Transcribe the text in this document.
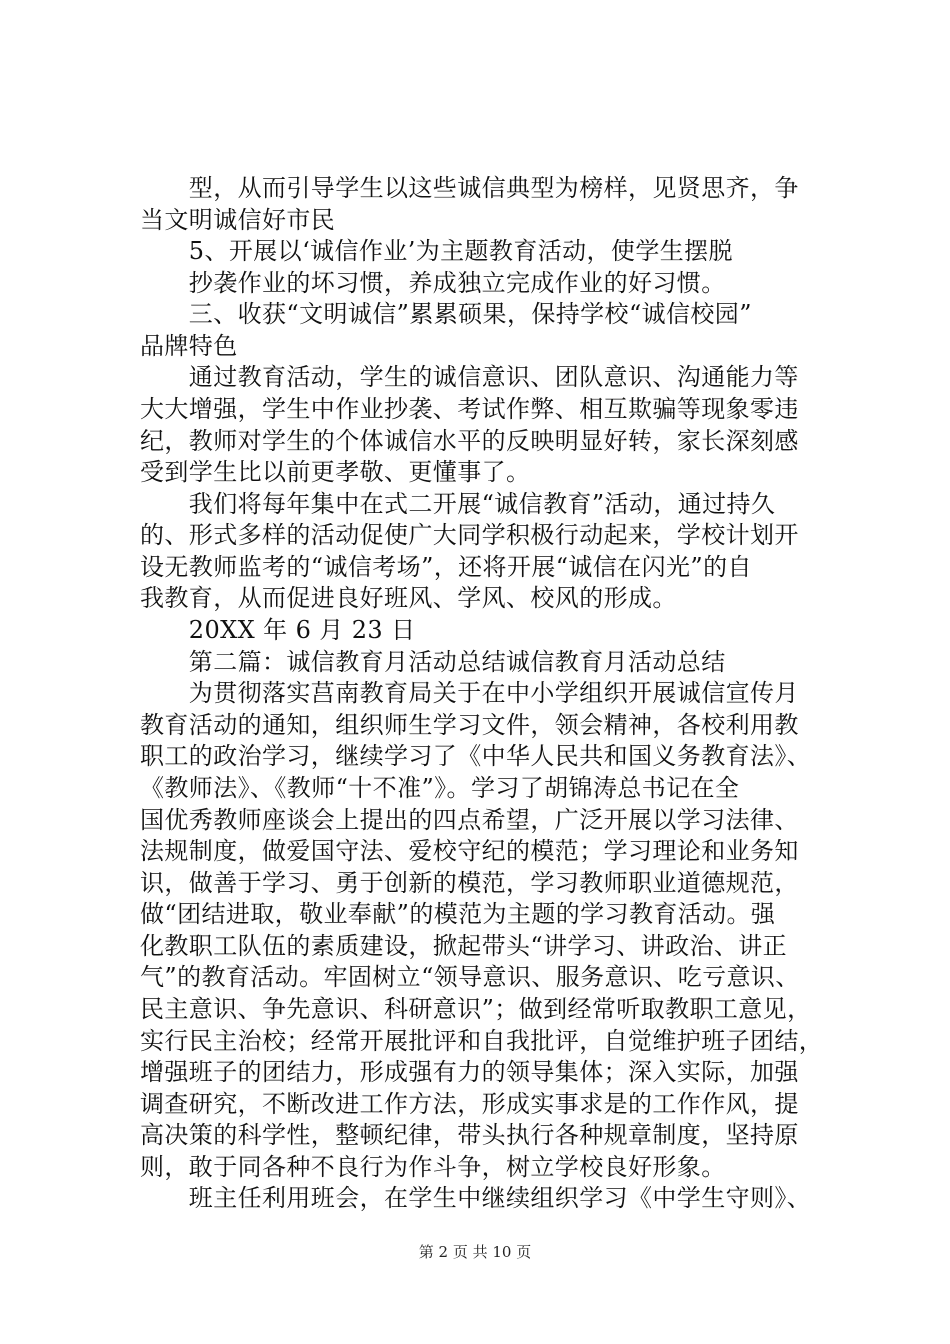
　　型，从而引导学生以这些诚信典型为榜样，见贤思齐，争
当文明诚信好市民
　　5、开展以‘诚信作业’为主题教育活动，使学生摆脱
　　抄袭作业的坏习惯，养成独立完成作业的好习惯。
　　三、收获“文明诚信”累累硕果，保持学校“诚信校园”
品牌特色
　　通过教育活动，学生的诚信意识、团队意识、沟通能力等
大大增强，学生中作业抄袭、考试作弊、相互欺骗等现象零违
纪，教师对学生的个体诚信水平的反映明显好转，家长深刻感
受到学生比以前更孝敬、更懂事了。
　　我们将每年集中在式二开展“诚信教育”活动，通过持久
的、形式多样的活动促使广大同学积极行动起来，学校计划开
设无教师监考的“诚信考场”，还将开展“诚信在闪光”的自
我教育，从而促进良好班风、学风、校风的形成。
　　20XX 年 6 月 23 日
　　第二篇：诚信教育月活动总结诚信教育月活动总结
　　为贯彻落实莒南教育局关于在中小学组织开展诚信宣传月
教育活动的通知，组织师生学习文件，领会精神，各校利用教
职工的政治学习，继续学习了《中华人民共和国义务教育法》、
《教师法》、《教师“十不准”》。学习了胡锦涛总书记在全
国优秀教师座谈会上提出的四点希望，广泛开展以学习法律、
法规制度，做爱国守法、爱校守纪的模范；学习理论和业务知
识，做善于学习、勇于创新的模范，学习教师职业道德规范，
做“团结进取，敬业奉献”的模范为主题的学习教育活动。强
化教职工队伍的素质建设，掀起带头“讲学习、讲政治、讲正
气”的教育活动。牢固树立“领导意识、服务意识、吃亏意识、
民主意识、争先意识、科研意识”；做到经常听取教职工意见，
实行民主治校；经常开展批评和自我批评，自觉维护班子团结，
增强班子的团结力，形成强有力的领导集体；深入实际，加强
调查研究，不断改进工作方法，形成实事求是的工作作风，提
高决策的科学性，整顿纪律，带头执行各种规章制度，坚持原
则，敢于同各种不良行为作斗争，树立学校良好形象。
　　班主任利用班会，在学生中继续组织学习《中学生守则》、
第 2 页 共 10 页
